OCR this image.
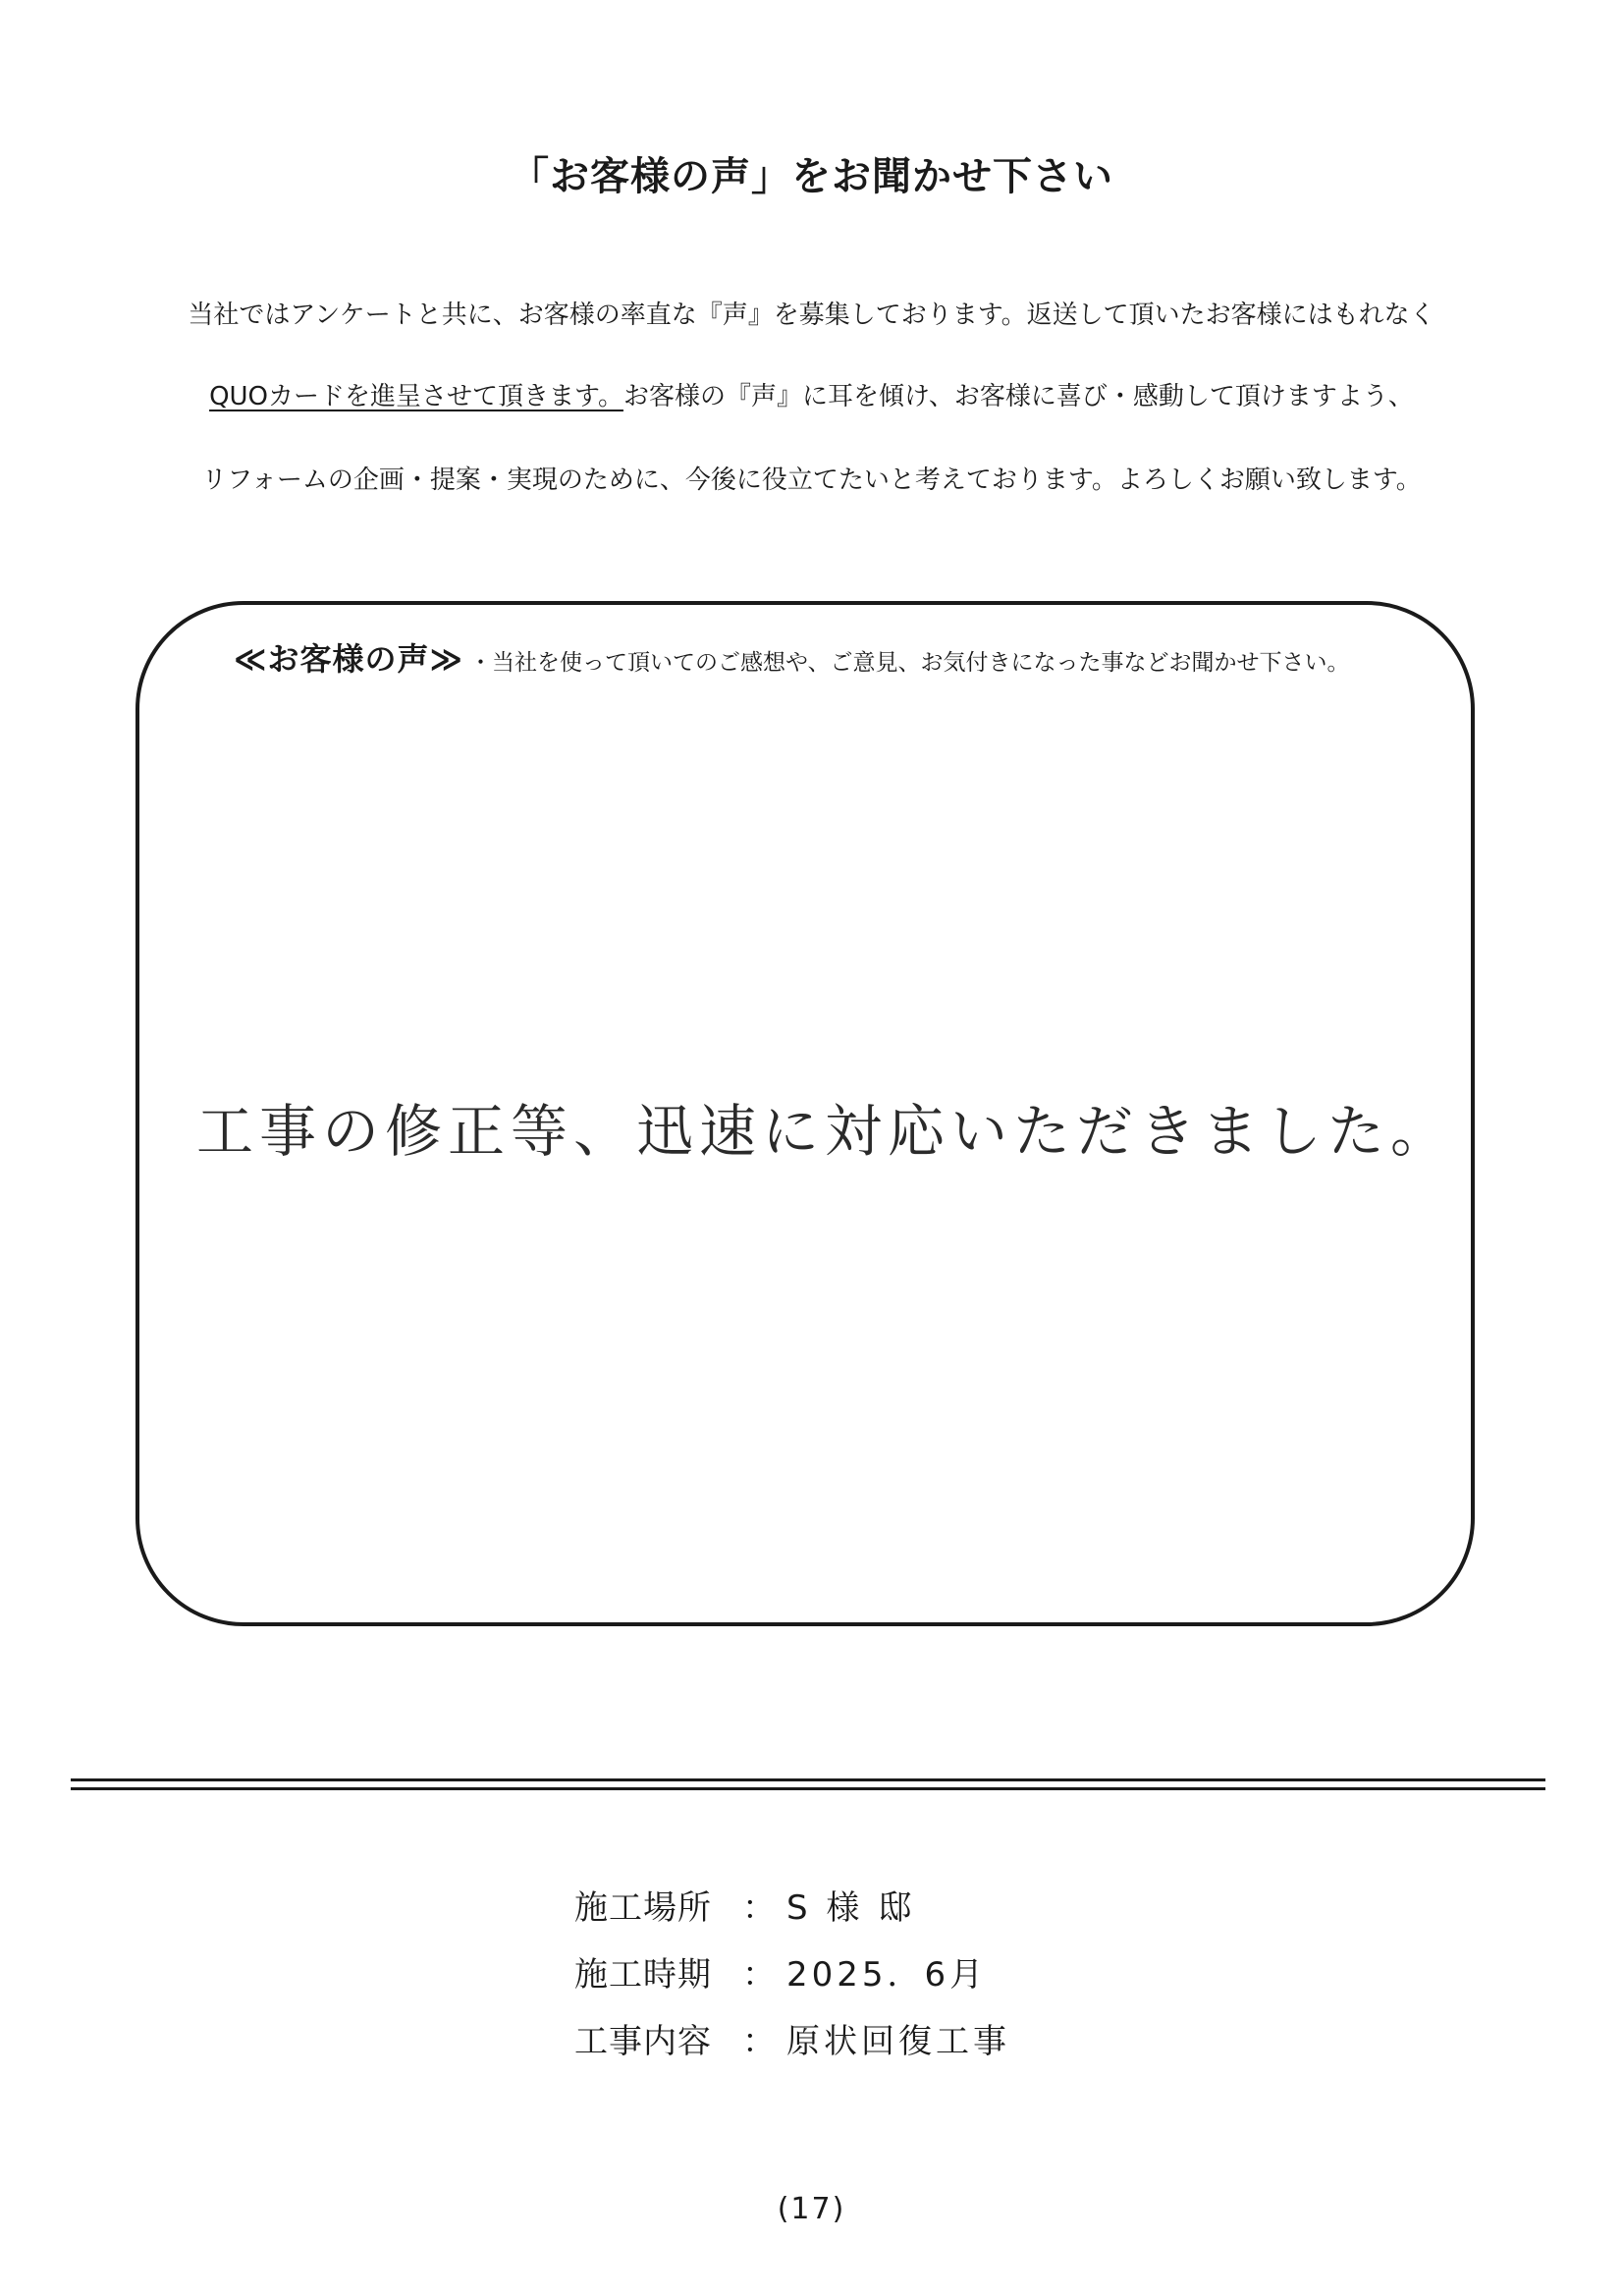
「お客様の声」をお聞かせ下さい
当社ではアンケートと共に、お客様の率直な『声』を募集しております。返送して頂いたお客様にはもれなく
QUOカードを進呈させて頂きます。お客様の『声』に耳を傾け、お客様に喜び・感動して頂けますよう、
リフォームの企画・提案・実現のために、今後に役立てたいと考えております。よろしくお願い致します。
≪お客様の声≫ ・当社を使って頂いてのご感想や、ご意見、お気付きになった事などお聞かせ下さい。
工事の修正等、迅速に対応いただきました。
施工場所 ： S 様 邸
施工時期 ： 2025．6月
工事内容 ： 原状回復工事
(17)
